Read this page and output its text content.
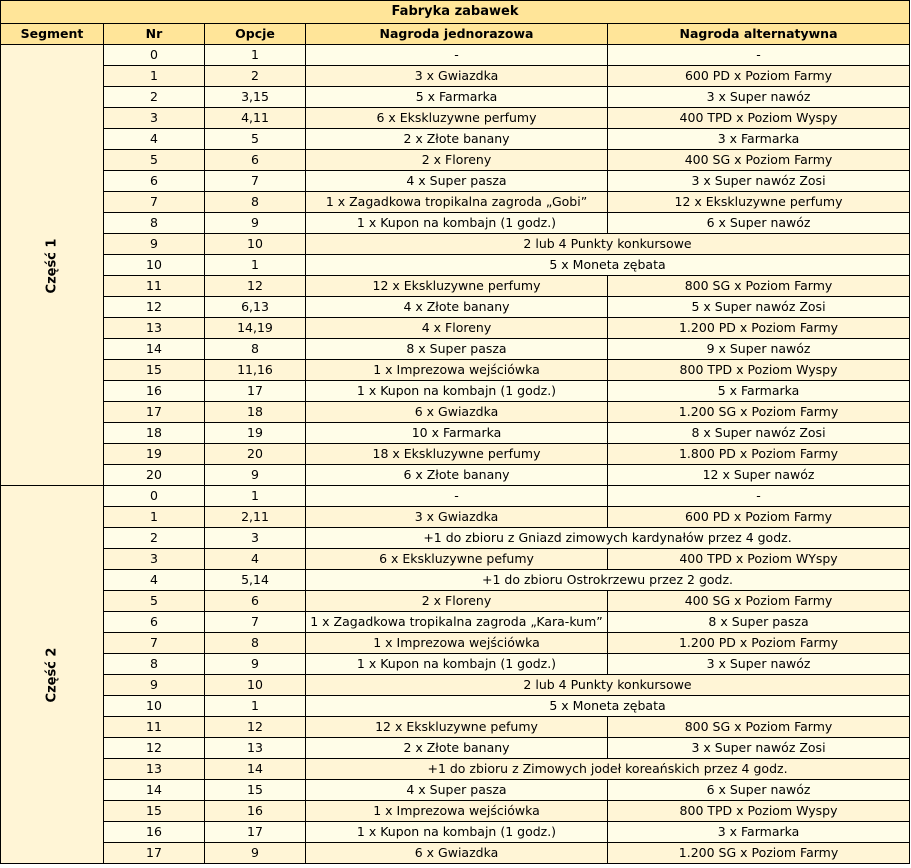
Fabryka zabawek				
Segment	Nr	Opcje	Nagroda jednorazowa	Nagroda alternatywna
Część 1	0	1	-	-
	1	2	3 x Gwiazdka	600 PD x Poziom Farmy
	2	3,15	5 x Farmarka	3 x Super nawóz
	3	4,11	6 x Ekskluzywne perfumy	400 TPD x Poziom Wyspy
	4	5	2 x Złote banany	3 x Farmarka
	5	6	2 x Floreny	400 SG x Poziom Farmy
	6	7	4 x Super pasza	3 x Super nawóz Zosi
	7	8	1 x Zagadkowa tropikalna zagroda „Gobi”	12 x Ekskluzywne perfumy
	8	9	1 x Kupon na kombajn (1 godz.)	6 x Super nawóz
	9	10	2 lub 4 Punkty konkursowe	
	10	1	5 x Moneta zębata	
	11	12	12 x Ekskluzywne perfumy	800 SG x Poziom Farmy
	12	6,13	4 x Złote banany	5 x Super nawóz Zosi
	13	14,19	4 x Floreny	1.200 PD x Poziom Farmy
	14	8	8 x Super pasza	9 x Super nawóz
	15	11,16	1 x Imprezowa wejściówka	800 TPD x Poziom Wyspy
	16	17	1 x Kupon na kombajn (1 godz.)	5 x Farmarka
	17	18	6 x Gwiazdka	1.200 SG x Poziom Farmy
	18	19	10 x Farmarka	8 x Super nawóz Zosi
	19	20	18 x Ekskluzywne perfumy	1.800 PD x Poziom Farmy
	20	9	6 x Złote banany	12 x Super nawóz
Część 2	0	1	-	-
	1	2,11	3 x Gwiazdka	600 PD x Poziom Farmy
	2	3	+1 do zbioru z Gniazd zimowych kardynałów przez 4 godz.	
	3	4	6 x Ekskluzywne pefumy	400 TPD x Poziom WYspy
	4	5,14	+1 do zbioru Ostrokrzewu przez 2 godz.	
	5	6	2 x Floreny	400 SG x Poziom Farmy
	6	7	1 x Zagadkowa tropikalna zagroda „Kara-kum”	8 x Super pasza
	7	8	1 x Imprezowa wejściówka	1.200 PD x Poziom Farmy
	8	9	1 x Kupon na kombajn (1 godz.)	3 x Super nawóz
	9	10	2 lub 4 Punkty konkursowe	
	10	1	5 x Moneta zębata	
	11	12	12 x Ekskluzywne pefumy	800 SG x Poziom Farmy
	12	13	2 x Złote banany	3 x Super nawóz Zosi
	13	14	+1 do zbioru z Zimowych jodeł koreańskich przez 4 godz.	
	14	15	4 x Super pasza	6 x Super nawóz
	15	16	1 x Imprezowa wejściówka	800 TPD x Poziom Wyspy
	16	17	1 x Kupon na kombajn (1 godz.)	3 x Farmarka
	17	9	6 x Gwiazdka	1.200 SG x Poziom Farmy
